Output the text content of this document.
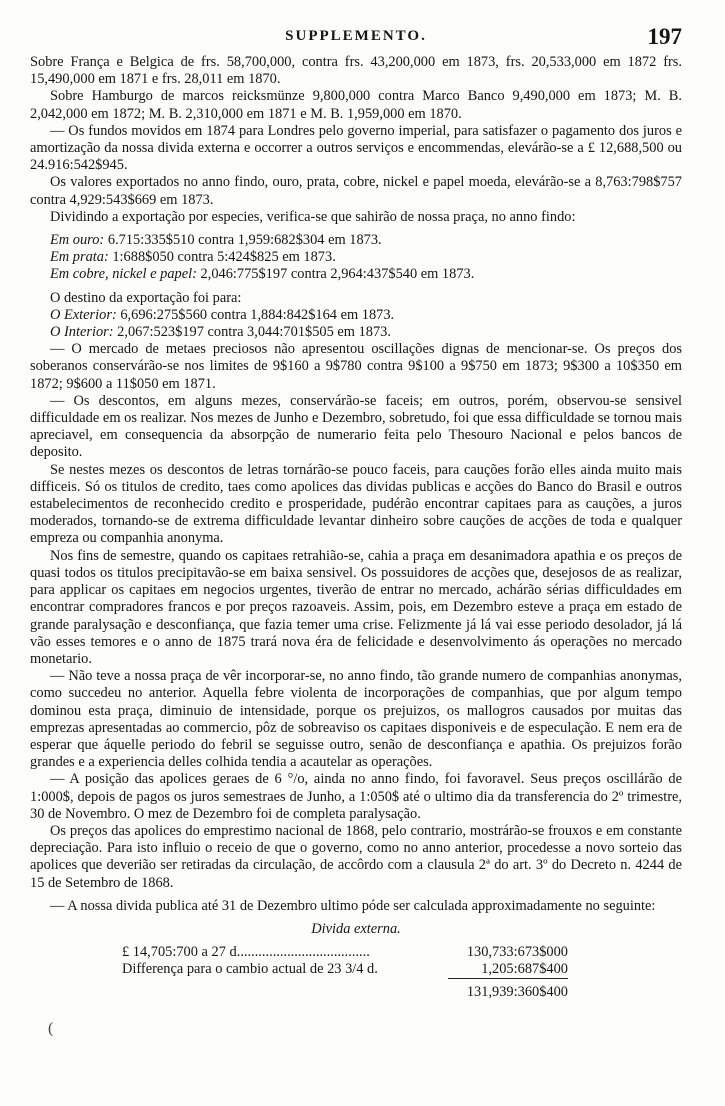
SUPPLEMENTO.	197

Sobre França e Belgica de frs. 58,700,000, contra frs. 43,200,000 em 1873, frs. 20,533,000 em 1872 frs. 15,490,000 em 1871 e frs. 28,011 em 1870.

Sobre Hamburgo de marcos reicksmünze 9,800,000 contra Marco Banco 9,490,000 em 1873; M. B. 2,042,000 em 1872; M. B. 2,310,000 em 1871 e M. B. 1,959,000 em 1870.

— Os fundos movidos em 1874 para Londres pelo governo imperial, para satisfazer o pagamento dos juros e amortização da nossa divida externa e occorrer a outros serviços e encommendas, elevárão-se a £ 12,688,500 ou 24.916:542$945.

Os valores exportados no anno findo, ouro, prata, cobre, nickel e papel moeda, elevárão-se a 8,763:798$757 contra 4,929:543$669 em 1873.

Dividindo a exportação por especies, verifica-se que sahirão de nossa praça, no anno findo:

Em ouro: 6.715:335$510 contra 1,959:682$304 em 1873.

Em prata: 1:688$050 contra 5:424$825 em 1873.

Em cobre, nickel e papel: 2,046:775$197 contra 2,964:437$540 em 1873.

O destino da exportação foi para:

O Exterior: 6,696:275$560 contra 1,884:842$164 em 1873.

O Interior: 2,067:523$197 contra 3,044:701$505 em 1873.

— O mercado de metaes preciosos não apresentou oscillações dignas de mencionar-se. Os preços dos soberanos conservárão-se nos limites de 9$160 a 9$780 contra 9$100 a 9$750 em 1873; 9$300 a 10$350 em 1872; 9$600 a 11$050 em 1871.

— Os descontos, em alguns mezes, conservárão-se faceis; em outros, porém, observou-se sensivel difficuldade em os realizar. Nos mezes de Junho e Dezembro, sobretudo, foi que essa difficuldade se tornou mais apreciavel, em consequencia da absorpção de numerario feita pelo Thesouro Nacional e pelos bancos de deposito.

Se nestes mezes os descontos de letras tornárão-se pouco faceis, para cauções forão elles ainda muito mais difficeis. Só os titulos de credito, taes como apolices das dividas publicas e acções do Banco do Brasil e outros estabelecimentos de reconhecido credito e prosperidade, pudérão encontrar capitaes para as cauções, a juros moderados, tornando-se de extrema difficuldade levantar dinheiro sobre cauções de acções de toda e qualquer empreza ou companhia anonyma.

Nos fins de semestre, quando os capitaes retrahião-se, cahia a praça em desanimadora apathia e os preços de quasi todos os titulos precipitavão-se em baixa sensivel. Os possuidores de acções que, desejosos de as realizar, para applicar os capitaes em negocios urgentes, tiverão de entrar no mercado, achárão sérias difficuldades em encontrar compradores francos e por preços razoaveis. Assim, pois, em Dezembro esteve a praça em estado de grande paralysação e desconfiança, que fazia temer uma crise. Felizmente já lá vai esse periodo desolador, já lá vão esses temores e o anno de 1875 trará nova éra de felicidade e desenvolvimento ás operações no mercado monetario.

— Não teve a nossa praça de vêr incorporar-se, no anno findo, tão grande numero de companhias anonymas, como succedeu no anterior. Aquella febre violenta de incorporações de companhias, que por algum tempo dominou esta praça, diminuio de intensidade, porque os prejuizos, os mallogros causados por muitas das emprezas apresentadas ao commercio, pôz de sobreaviso os capitaes disponiveis e de especulação. E nem era de esperar que áquelle periodo do febril se seguisse outro, senão de desconfiança e apathia. Os prejuizos forão grandes e a experiencia delles colhida tendia a acautelar as operações.

— A posição das apolices geraes de 6 °/o, ainda no anno findo, foi favoravel. Seus preços oscillárão de 1:000$, depois de pagos os juros semestraes de Junho, a 1:050$ até o ultimo dia da transferencia do 2º trimestre, 30 de Novembro. O mez de Dezembro foi de completa paralysação.

Os preços das apolices do emprestimo nacional de 1868, pelo contrario, mostrárão-se frouxos e em constante depreciação. Para isto influio o receio de que o governo, como no anno anterior, procedesse a novo sorteio das apolices que deverião ser retiradas da circulação, de accôrdo com a clausula 2ª do art. 3º do Decreto n. 4244 de 15 de Setembro de 1868.

— A nossa divida publica até 31 de Dezembro ultimo póde ser calculada approximadamente no seguinte:

Divida externa.
£ 14,705:700 a 27 d.....................................	130,733:673$000
Differença para o cambio actual de 23 3/4 d.	1,205:687$400
	131,939:360$400
(
